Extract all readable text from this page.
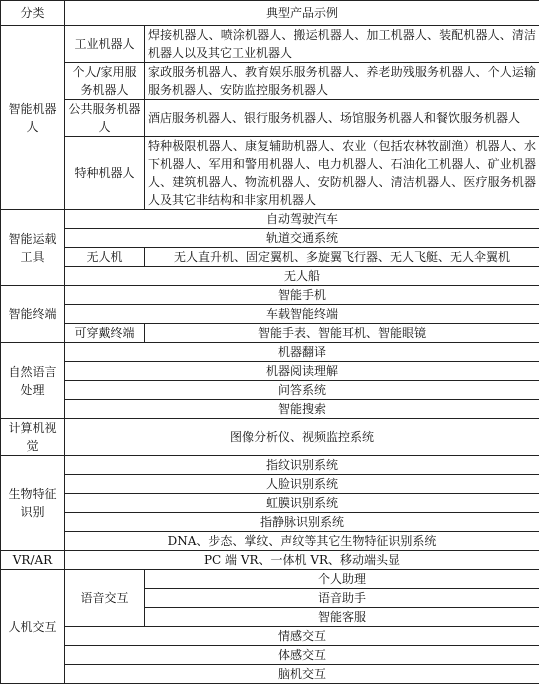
分类	典型产品示例	
智能机器人	工业机器人	焊接机器人、喷涂机器人、搬运机器人、加工机器人、装配机器人、清洁机器人以及其它工业机器人
	个人/家用服务机器人	家政服务机器人、教育娱乐服务机器人、养老助残服务机器人、个人运输服务机器人、安防监控服务机器人
	公共服务机器人	酒店服务机器人、银行服务机器人、场馆服务机器人和餐饮服务机器人
	特种机器人	特种极限机器人、康复辅助机器人、农业（包括农林牧副渔）机器人、水下机器人、军用和警用机器人、电力机器人、石油化工机器人、矿业机器人、建筑机器人、物流机器人、安防机器人、清洁机器人、医疗服务机器人及其它非结构和非家用机器人
智能运载工具	自动驾驶汽车	
	轨道交通系统	
	无人机	无人直升机、固定翼机、多旋翼飞行器、无人飞艇、无人伞翼机
	无人船	
智能终端	智能手机	
	车载智能终端	
	可穿戴终端	智能手表、智能耳机、智能眼镜
自然语言处理	机器翻译	
	机器阅读理解	
	问答系统	
	智能搜索	
计算机视觉	图像分析仪、视频监控系统	
生物特征识别	指纹识别系统	
	人脸识别系统	
	虹膜识别系统	
	指静脉识别系统	
	DNA、步态、掌纹、声纹等其它生物特征识别系统	
VR/AR	PC 端 VR、一体机 VR、移动端头显	
人机交互	语音交互	个人助理
		语音助手
		智能客服
	情感交互	
	体感交互	
	脑机交互	
